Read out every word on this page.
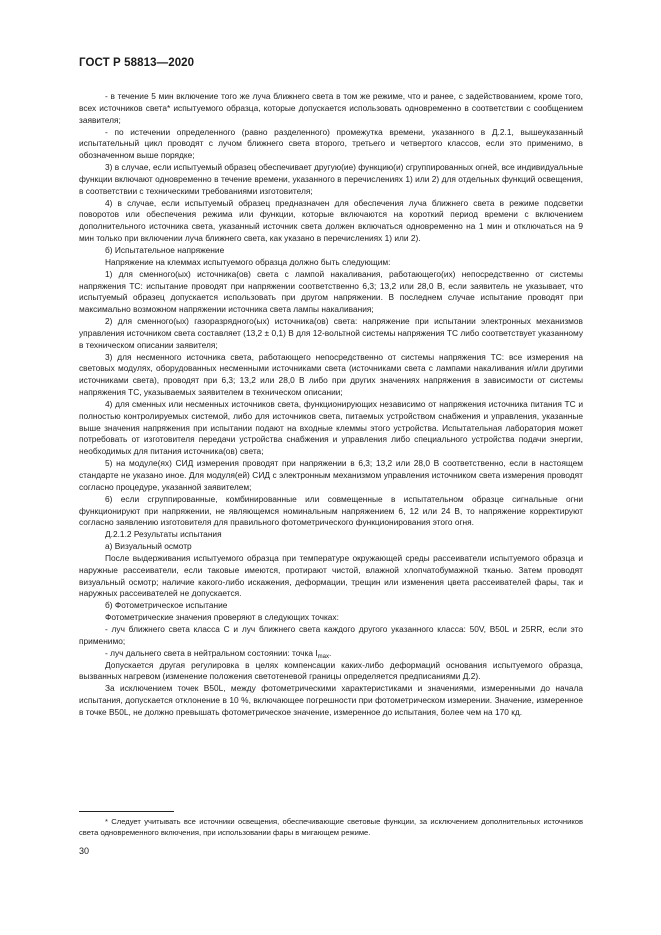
ГОСТ Р 58813—2020

- в течение 5 мин включение того же луча ближнего света в том же режиме, что и ранее, с задействованием, кроме того, всех источников света* испытуемого образца, которые допускается использовать одновременно в соответствии с сообщением заявителя;

- по истечении определенного (равно разделенного) промежутка времени, указанного в Д.2.1, вышеуказанный испытательный цикл проводят с лучом ближнего света второго, третьего и четвертого классов, если это применимо, в обозначенном выше порядке;

3) в случае, если испытуемый образец обеспечивает другую(ие) функцию(и) сгруппированных огней, все индивидуальные функции включают одновременно в течение времени, указанного в перечислениях 1) или 2) для отдельных функций освещения, в соответствии с техническими требованиями изготовителя;

4) в случае, если испытуемый образец предназначен для обеспечения луча ближнего света в режиме подсветки поворотов или обеспечения режима или функции, которые включаются на короткий период времени с включением дополнительного источника света, указанный источник света должен включаться одновременно на 1 мин и отключаться на 9 мин только при включении луча ближнего света, как указано в перечислениях 1) или 2).

б) Испытательное напряжение

Напряжение на клеммах испытуемого образца должно быть следующим:

1) для сменного(ых) источника(ов) света с лампой накаливания, работающего(их) непосредственно от системы напряжения ТС: испытание проводят при напряжении соответственно 6,3; 13,2 или 28,0 В, если заявитель не указывает, что испытуемый образец допускается использовать при другом напряжении. В последнем случае испытание проводят при максимально возможном напряжении источника света лампы накаливания;

2) для сменного(ых) газоразрядного(ых) источника(ов) света: напряжение при испытании электронных механизмов управления источником света составляет (13,2 ± 0,1) В для 12-вольтной системы напряжения ТС либо соответствует указанному в техническом описании заявителя;

3) для несменного источника света, работающего непосредственно от системы напряжения ТС: все измерения на световых модулях, оборудованных несменными источниками света (источниками света с лампами накаливания и/или другими источниками света), проводят при 6,3; 13,2 или 28,0 В либо при других значениях напряжения в зависимости от системы напряжения ТС, указываемых заявителем в техническом описании;

4) для сменных или несменных источников света, функционирующих независимо от напряжения источника питания ТС и полностью контролируемых системой, либо для источников света, питаемых устройством снабжения и управления, указанные выше значения напряжения при испытании подают на входные клеммы этого устройства. Испытательная лаборатория может потребовать от изготовителя передачи устройства снабжения и управления либо специального устройства подачи энергии, необходимых для питания источника(ов) света;

5) на модуле(ях) СИД измерения проводят при напряжении в 6,3; 13,2 или 28,0 В соответственно, если в настоящем стандарте не указано иное. Для модуля(ей) СИД с электронным механизмом управления источником света измерения проводят согласно процедуре, указанной заявителем;

6) если сгруппированные, комбинированные или совмещенные в испытательном образце сигнальные огни функционируют при напряжении, не являющемся номинальным напряжением 6, 12 или 24 В, то напряжение корректируют согласно заявлению изготовителя для правильного фотометрического функционирования этого огня.

Д.2.1.2 Результаты испытания

а) Визуальный осмотр

После выдерживания испытуемого образца при температуре окружающей среды рассеиватели испытуемого образца и наружные рассеиватели, если таковые имеются, протирают чистой, влажной хлопчатобумажной тканью. Затем проводят визуальный осмотр; наличие какого-либо искажения, деформации, трещин или изменения цвета рассеивателей фары, так и наружных рассеивателей не допускается.

б) Фотометрическое испытание

Фотометрические значения проверяют в следующих точках:

- луч ближнего света класса С и луч ближнего света каждого другого указанного класса: 50V, B50L и 25RR, если это применимо;

- луч дальнего света в нейтральном состоянии: точка $I_{max}$.

Допускается другая регулировка в целях компенсации каких-либо деформаций основания испытуемого образца, вызванных нагревом (изменение положения светотеневой границы определяется предписаниями Д.2).

За исключением точек B50L, между фотометрическими характеристиками и значениями, измеренными до начала испытания, допускается отклонение в 10 %, включающее погрешности при фотометрическом измерении. Значение, измеренное в точке B50L, не должно превышать фотометрическое значение, измеренное до испытания, более чем на 170 кд.

* Следует учитывать все источники освещения, обеспечивающие световые функции, за исключением дополнительных источников света одновременного включения, при использовании фары в мигающем режиме.
30
